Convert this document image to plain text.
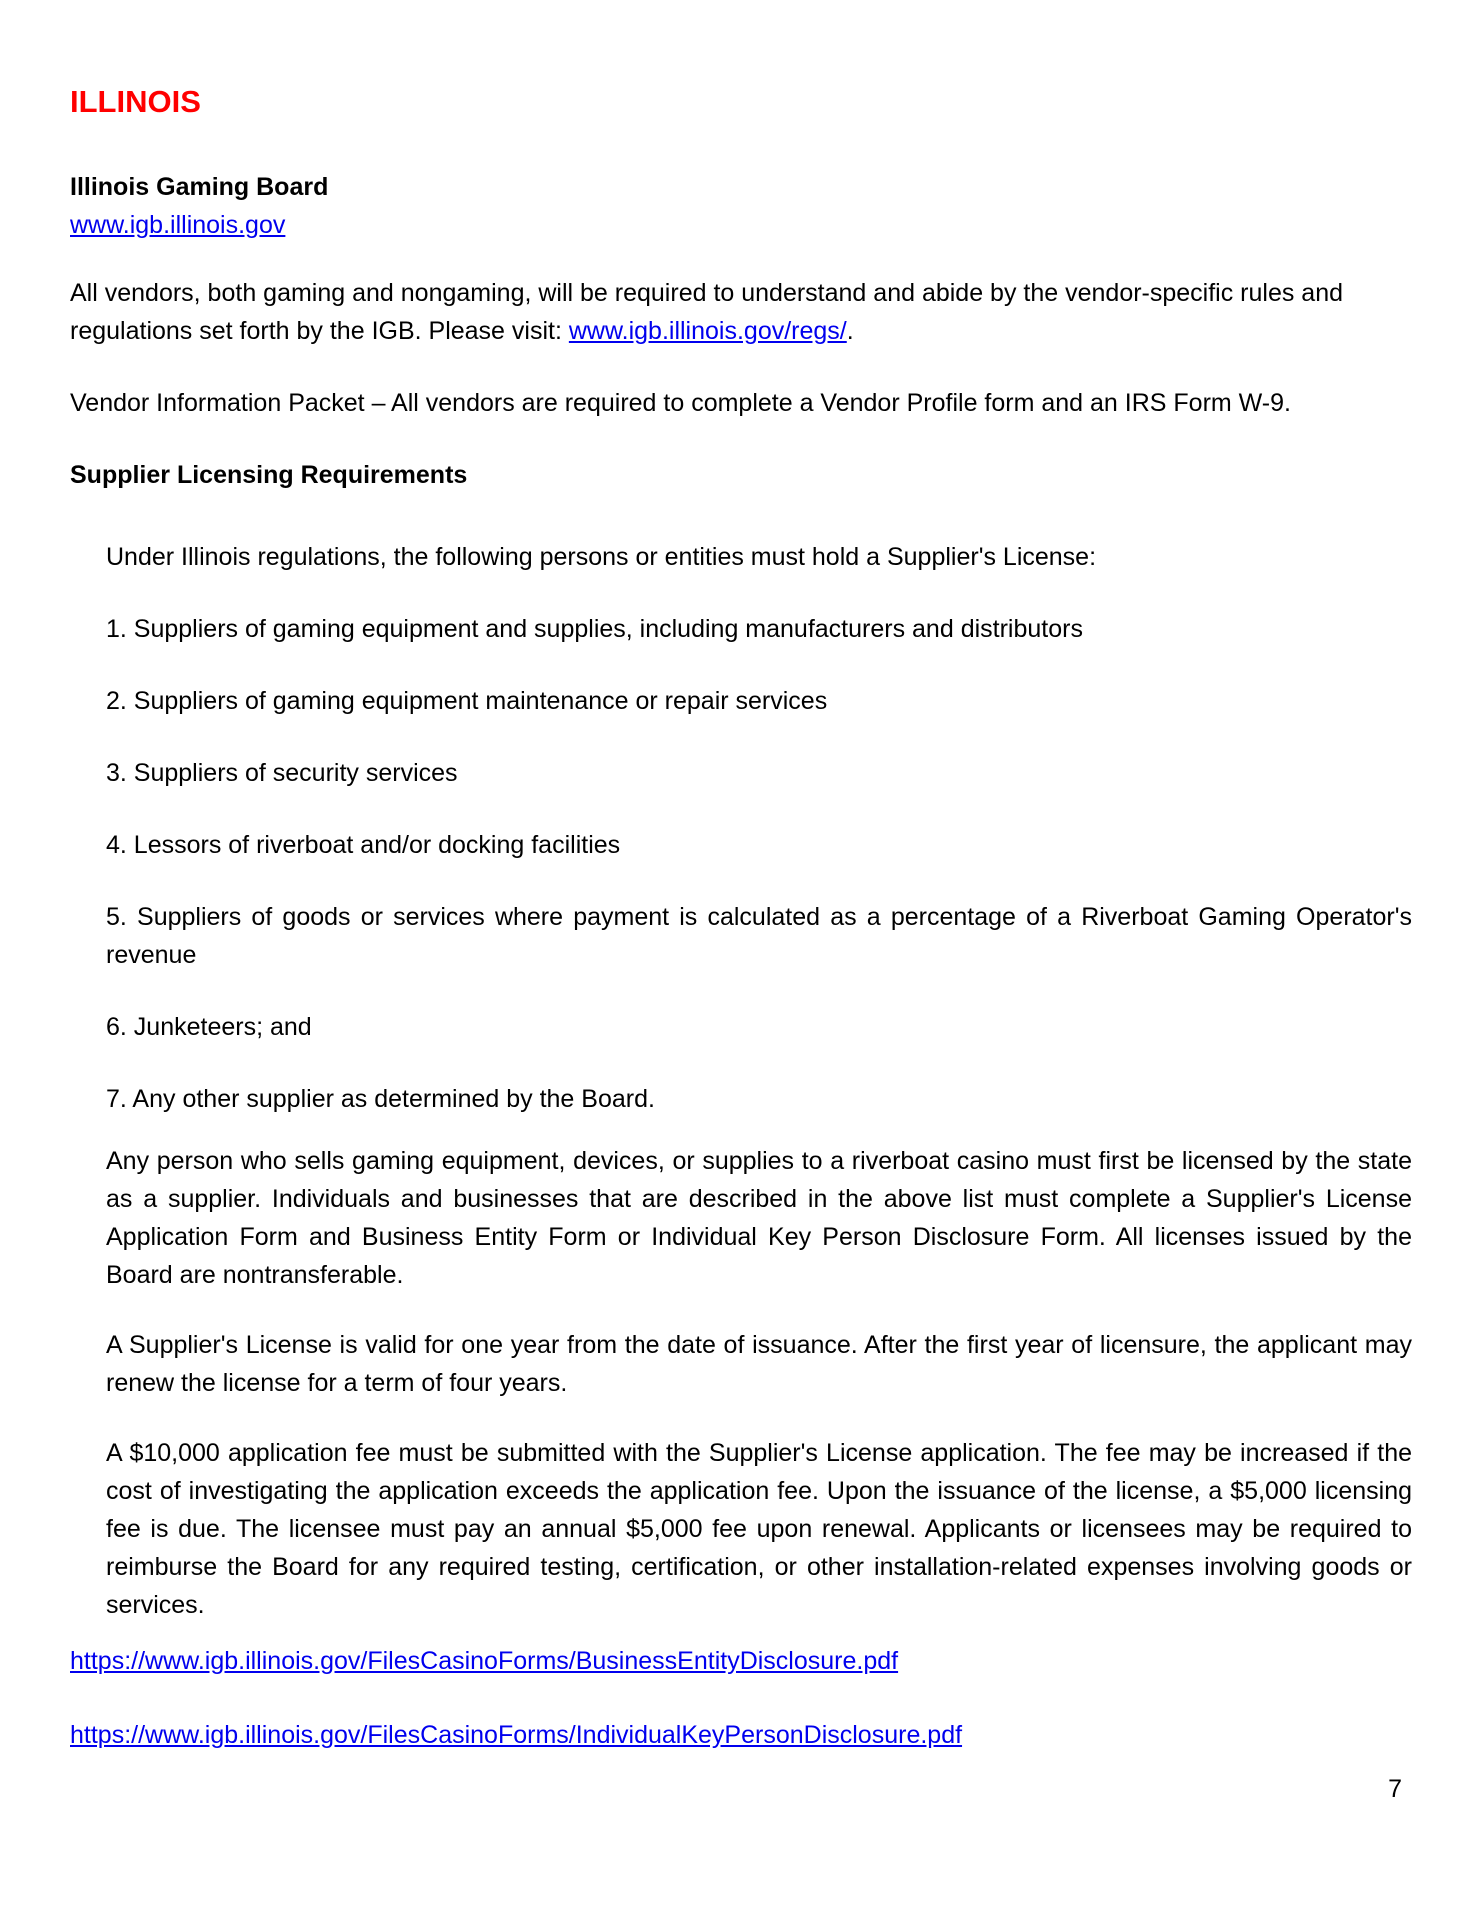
ILLINOIS
Illinois Gaming Board
www.igb.illinois.gov

All vendors, both gaming and nongaming, will be required to understand and abide by the vendor-specific rules and regulations set forth by the IGB. Please visit: www.igb.illinois.gov/regs/.

Vendor Information Packet – All vendors are required to complete a Vendor Profile form and an IRS Form W-9.

Supplier Licensing Requirements

Under Illinois regulations, the following persons or entities must hold a Supplier's License:

1. Suppliers of gaming equipment and supplies, including manufacturers and distributors

2. Suppliers of gaming equipment maintenance or repair services

3. Suppliers of security services

4. Lessors of riverboat and/or docking facilities

5. Suppliers of goods or services where payment is calculated as a percentage of a Riverboat Gaming Operator's revenue

6. Junketeers; and

7. Any other supplier as determined by the Board.

Any person who sells gaming equipment, devices, or supplies to a riverboat casino must first be licensed by the state as a supplier. Individuals and businesses that are described in the above list must complete a Supplier's License Application Form and Business Entity Form or Individual Key Person Disclosure Form. All licenses issued by the Board are nontransferable.

A Supplier's License is valid for one year from the date of issuance. After the first year of licensure, the applicant may renew the license for a term of four years.

A $10,000 application fee must be submitted with the Supplier's License application. The fee may be increased if the cost of investigating the application exceeds the application fee. Upon the issuance of the license, a $5,000 licensing fee is due. The licensee must pay an annual $5,000 fee upon renewal. Applicants or licensees may be required to reimburse the Board for any required testing, certification, or other installation-related expenses involving goods or services.

https://www.igb.illinois.gov/FilesCasinoForms/BusinessEntityDisclosure.pdf
https://www.igb.illinois.gov/FilesCasinoForms/IndividualKeyPersonDisclosure.pdf
7
